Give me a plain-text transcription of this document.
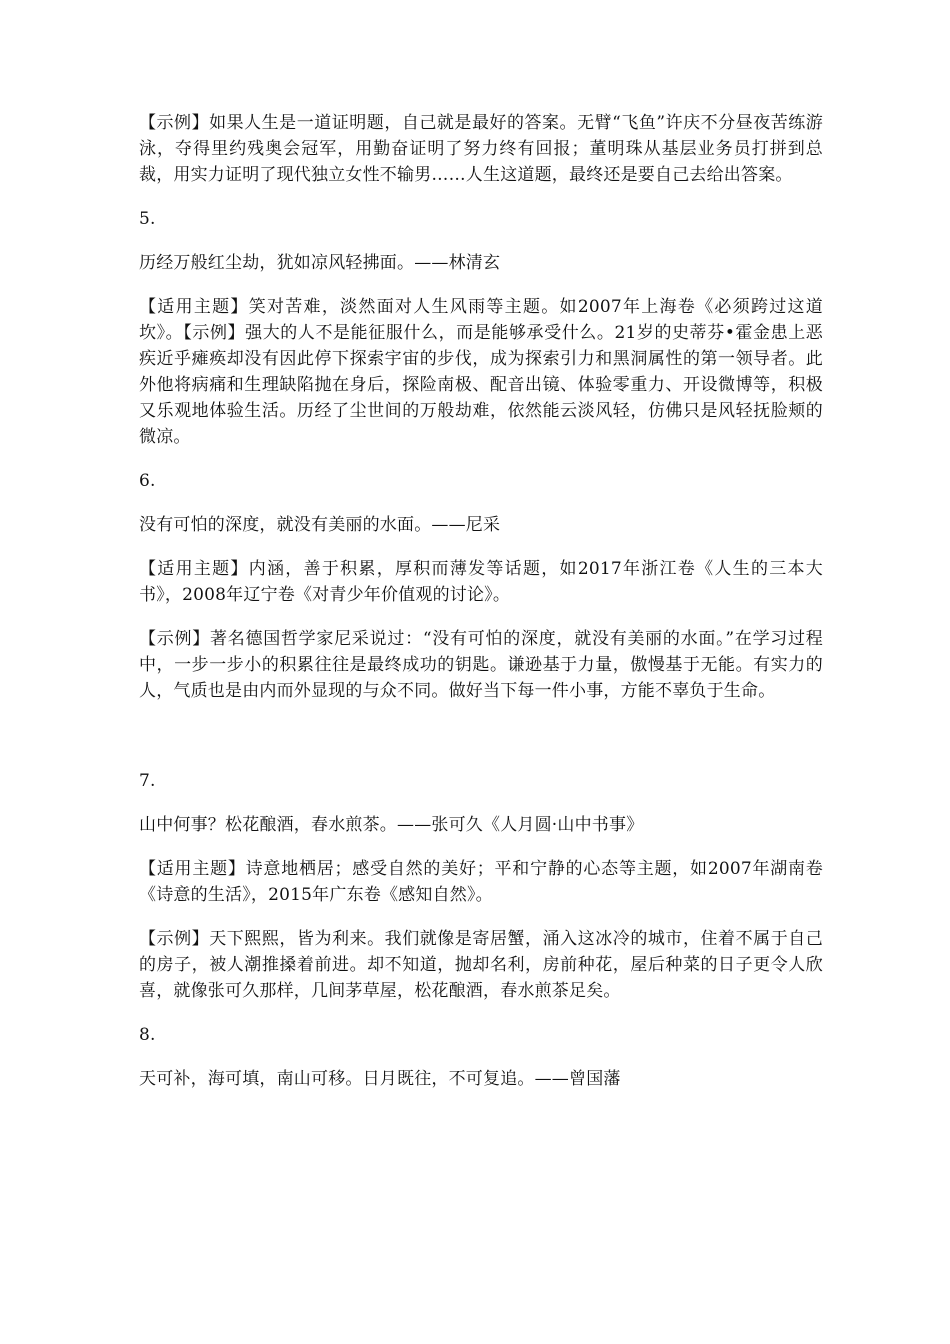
【示例】如果人生是一道证明题，自己就是最好的答案。无臂“飞鱼”许庆不分昼夜苦练游泳，夺得里约残奥会冠军，用勤奋证明了努力终有回报；董明珠从基层业务员打拼到总裁，用实力证明了现代独立女性不输男……人生这道题，最终还是要自己去给出答案。

5.

历经万般红尘劫，犹如凉风轻拂面。——林清玄

【适用主题】笑对苦难，淡然面对人生风雨等主题。如2007年上海卷《必须跨过这道坎》。【示例】强大的人不是能征服什么，而是能够承受什么。21岁的史蒂芬•霍金患上恶疾近乎瘫痪却没有因此停下探索宇宙的步伐，成为探索引力和黑洞属性的第一领导者。此外他将病痛和生理缺陷抛在身后，探险南极、配音出镜、体验零重力、开设微博等，积极又乐观地体验生活。历经了尘世间的万般劫难，依然能云淡风轻，仿佛只是风轻抚脸颊的微凉。

6.

没有可怕的深度，就没有美丽的水面。——尼采

【适用主题】内涵，善于积累，厚积而薄发等话题，如2017年浙江卷《人生的三本大书》，2008年辽宁卷《对青少年价值观的讨论》。

【示例】著名德国哲学家尼采说过：“没有可怕的深度，就没有美丽的水面。”在学习过程中，一步一步小的积累往往是最终成功的钥匙。谦逊基于力量，傲慢基于无能。有实力的人，气质也是由内而外显现的与众不同。做好当下每一件小事，方能不辜负于生命。

7.

山中何事？松花酿酒，春水煎茶。——张可久《人月圆·山中书事》

【适用主题】诗意地栖居；感受自然的美好；平和宁静的心态等主题，如2007年湖南卷《诗意的生活》，2015年广东卷《感知自然》。

【示例】天下熙熙，皆为利来。我们就像是寄居蟹，涌入这冰冷的城市，住着不属于自己的房子，被人潮推搡着前进。却不知道，抛却名利，房前种花，屋后种菜的日子更令人欣喜，就像张可久那样，几间茅草屋，松花酿酒，春水煎茶足矣。

8.

天可补，海可填，南山可移。日月既往，不可复追。——曾国藩
